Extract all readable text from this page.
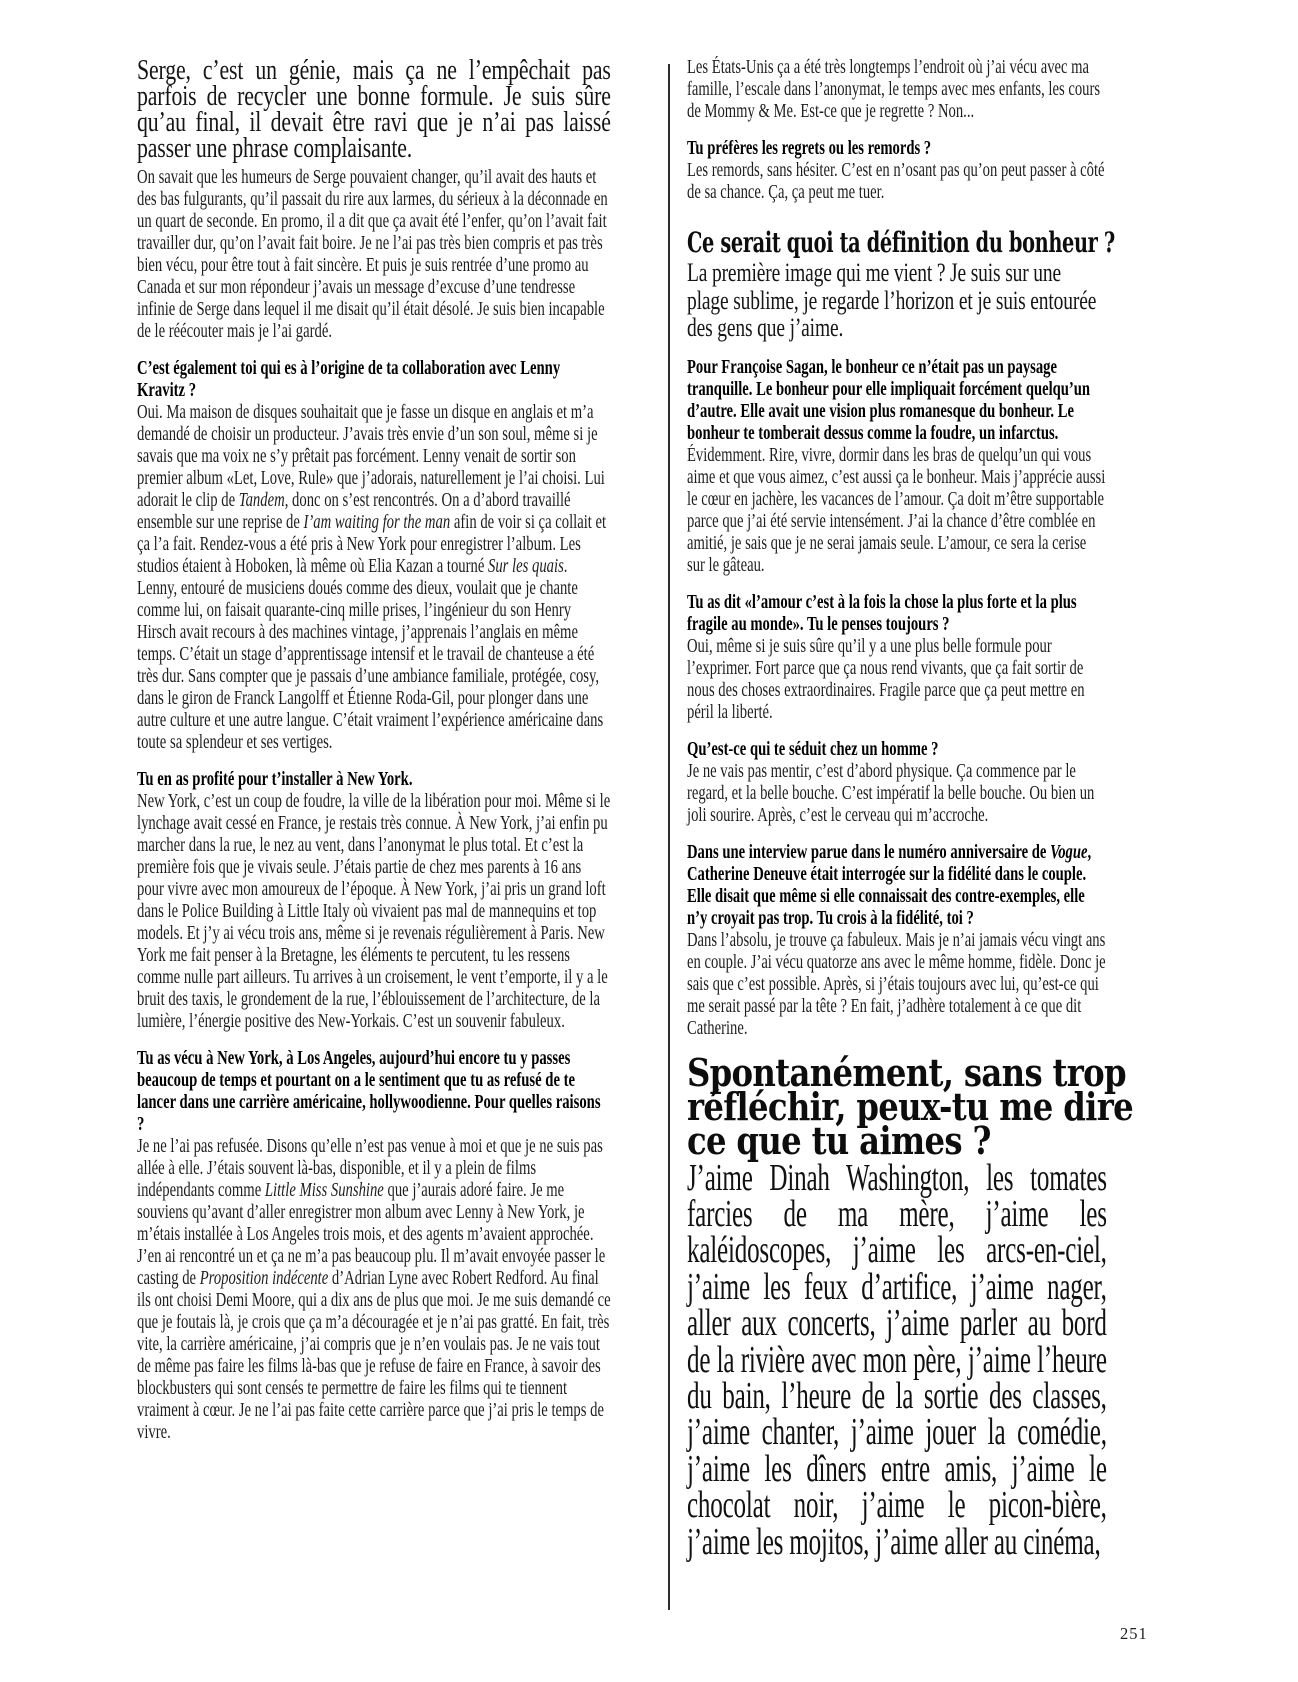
Serge, c’est un génie, mais ça ne l’empêchait pas parfois de recycler une bonne formule. Je suis sûre qu’au final, il devait être ravi que je n’ai pas laissé passer une phrase complaisante.
On savait que les humeurs de Serge pouvaient changer, qu’il avait des hauts et des bas fulgurants, qu’il passait du rire aux larmes, du sérieux à la déconnade en un quart de seconde. En promo, il a dit que ça avait été l’enfer, qu’on l’avait fait travailler dur, qu’on l’avait fait boire. Je ne l’ai pas très bien compris et pas très bien vécu, pour être tout à fait sincère. Et puis je suis rentrée d’une promo au Canada et sur mon répondeur j’avais un message d’excuse d’une tendresse infinie de Serge dans lequel il me disait qu’il était désolé. Je suis bien incapable de le réécouter mais je l’ai gardé.
C’est également toi qui es à l’origine de ta collaboration avec Lenny Kravitz ?
Oui. Ma maison de disques souhaitait que je fasse un disque en anglais et m’a demandé de choisir un producteur. J’avais très envie d’un son soul, même si je savais que ma voix ne s’y prêtait pas forcément. Lenny venait de sortir son premier album «Let, Love, Rule» que j’adorais, naturellement je l’ai choisi. Lui adorait le clip de Tandem, donc on s’est rencontrés. On a d’abord travaillé ensemble sur une reprise de I’am waiting for the man afin de voir si ça collait et ça l’a fait. Rendez-vous a été pris à New York pour enregistrer l’album. Les studios étaient à Hoboken, là même où Elia Kazan a tourné Sur les quais. Lenny, entouré de musiciens doués comme des dieux, voulait que je chante comme lui, on faisait quarante-cinq mille prises, l’ingénieur du son Henry Hirsch avait recours à des machines vintage, j’apprenais l’anglais en même temps. C’était un stage d’apprentissage intensif et le travail de chanteuse a été très dur. Sans compter que je passais d’une ambiance familiale, protégée, cosy, dans le giron de Franck Langolff et Étienne Roda-Gil, pour plonger dans une autre culture et une autre langue. C’était vraiment l’expérience américaine dans toute sa splendeur et ses vertiges.
Tu en as profité pour t’installer à New York.
New York, c’est un coup de foudre, la ville de la libération pour moi. Même si le lynchage avait cessé en France, je restais très connue. À New York, j’ai enfin pu marcher dans la rue, le nez au vent, dans l’anonymat le plus total. Et c’est la première fois que je vivais seule. J’étais partie de chez mes parents à 16 ans pour vivre avec mon amoureux de l’époque. À New York, j’ai pris un grand loft dans le Police Building à Little Italy où vivaient pas mal de mannequins et top models. Et j’y ai vécu trois ans, même si je revenais régulièrement à Paris. New York me fait penser à la Bretagne, les éléments te percutent, tu les ressens comme nulle part ailleurs. Tu arrives à un croisement, le vent t’emporte, il y a le bruit des taxis, le grondement de la rue, l’éblouissement de l’architecture, de la lumière, l’énergie positive des New-Yorkais. C’est un souvenir fabuleux.
Tu as vécu à New York, à Los Angeles, aujourd’hui encore tu y passes beaucoup de temps et pourtant on a le sentiment que tu as refusé de te lancer dans une carrière américaine, hollywoodienne. Pour quelles raisons ?
Je ne l’ai pas refusée. Disons qu’elle n’est pas venue à moi et que je ne suis pas allée à elle. J’étais souvent là-bas, disponible, et il y a plein de films indépendants comme Little Miss Sunshine que j’aurais adoré faire. Je me souviens qu’avant d’aller enregistrer mon album avec Lenny à New York, je m’étais installée à Los Angeles trois mois, et des agents m’avaient approchée. J’en ai rencontré un et ça ne m’a pas beaucoup plu. Il m’avait envoyée passer le casting de Proposition indécente d’Adrian Lyne avec Robert Redford. Au final ils ont choisi Demi Moore, qui a dix ans de plus que moi. Je me suis demandé ce que je foutais là, je crois que ça m’a découragée et je n’ai pas gratté. En fait, très vite, la carrière américaine, j’ai compris que je n’en voulais pas. Je ne vais tout de même pas faire les films là-bas que je refuse de faire en France, à savoir des blockbusters qui sont censés te permettre de faire les films qui te tiennent vraiment à cœur. Je ne l’ai pas faite cette carrière parce que j’ai pris le temps de vivre.
Les États-Unis ça a été très longtemps l’endroit où j’ai vécu avec ma famille, l’escale dans l’anonymat, le temps avec mes enfants, les cours de Mommy & Me. Est-ce que je regrette ? Non...
Tu préfères les regrets ou les remords ?
Les remords, sans hésiter. C’est en n’osant pas qu’on peut passer à côté de sa chance. Ça, ça peut me tuer.
Ce serait quoi ta définition du bonheur ?
La première image qui me vient ? Je suis sur une plage sublime, je regarde l’horizon et je suis entourée des gens que j’aime.
Pour Françoise Sagan, le bonheur ce n’était pas un paysage tranquille. Le bonheur pour elle impliquait forcément quelqu’un d’autre. Elle avait une vision plus romanesque du bonheur. Le bonheur te tomberait dessus comme la foudre, un infarctus.
Évidemment. Rire, vivre, dormir dans les bras de quelqu’un qui vous aime et que vous aimez, c’est aussi ça le bonheur. Mais j’apprécie aussi le cœur en jachère, les vacances de l’amour. Ça doit m’être supportable parce que j’ai été servie intensément. J’ai la chance d’être comblée en amitié, je sais que je ne serai jamais seule. L’amour, ce sera la cerise sur le gâteau.
Tu as dit «l’amour c’est à la fois la chose la plus forte et la plus fragile au monde». Tu le penses toujours ?
Oui, même si je suis sûre qu’il y a une plus belle formule pour l’exprimer. Fort parce que ça nous rend vivants, que ça fait sortir de nous des choses extraordinaires. Fragile parce que ça peut mettre en péril la liberté.
Qu’est-ce qui te séduit chez un homme ?
Je ne vais pas mentir, c’est d’abord physique. Ça commence par le regard, et la belle bouche. C’est impératif la belle bouche. Ou bien un joli sourire. Après, c’est le cerveau qui m’accroche.
Dans une interview parue dans le numéro anniversaire de Vogue, Catherine Deneuve était interrogée sur la fidélité dans le couple. Elle disait que même si elle connaissait des contre-exemples, elle n’y croyait pas trop. Tu crois à la fidélité, toi ?
Dans l’absolu, je trouve ça fabuleux. Mais je n’ai jamais vécu vingt ans en couple. J’ai vécu quatorze ans avec le même homme, fidèle. Donc je sais que c’est possible. Après, si j’étais toujours avec lui, qu’est-ce qui me serait passé par la tête ? En fait, j’adhère totalement à ce que dit Catherine.
Spontanément, sans trop
réfléchir, peux-tu me dire
ce que tu aimes ?
J’aime Dinah Washington, les tomates farcies de ma mère, j’aime les kaléidoscopes, j’aime les arcs-en-ciel, j’aime les feux d’artifice, j’aime nager, aller aux concerts, j’aime parler au bord de la rivière avec mon père, j’aime l’heure du bain, l’heure de la sortie des classes, j’aime chanter, j’aime jouer la comédie, j’aime les dîners entre amis, j’aime le chocolat noir, j’aime le picon-bière, j’aime les mojitos, j’aime aller au cinéma,
251
